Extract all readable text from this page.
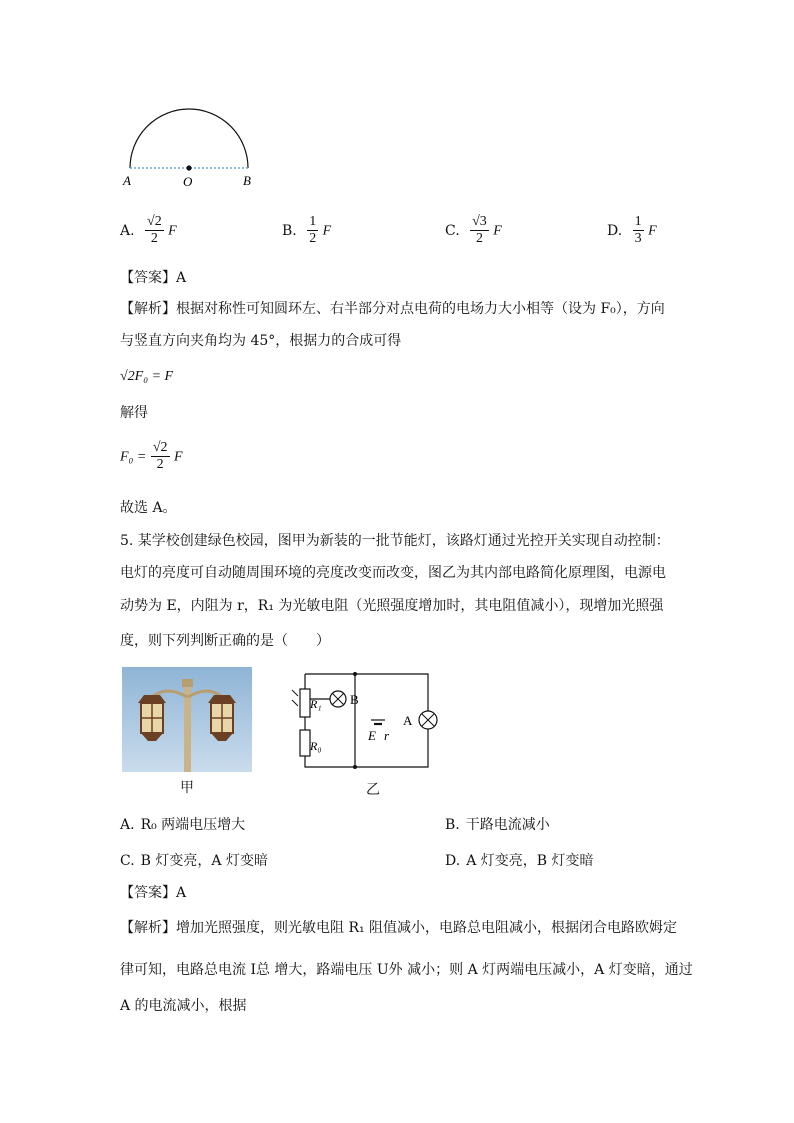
A	O	B
A. $\frac{√2}{2}$ F	B. $\frac{1}{2}$ F	C. $\frac{√3}{2}$ F	D. $\frac{1}{3}$ F
【答案】A
【解析】根据对称性可知圆环左、右半部分对点电荷的电场力大小相等（设为 F₀），方向
与竖直方向夹角均为 45°，根据力的合成可得
√2F₀ = F
解得
$F_0 = \frac{√2}{2}$ F
故选 A。
5. 某学校创建绿色校园，图甲为新装的一批节能灯，该路灯通过光控开关实现自动控制：
电灯的亮度可自动随周围环境的亮度改变而改变，图乙为其内部电路简化原理图，电源电
动势为 E，内阻为 r，R₁ 为光敏电阻（光照强度增加时，其电阻值减小），现增加光照强
度，则下列判断正确的是（　　）
甲
R₁ B
R₀
E r
A
乙
A. R₀ 两端电压增大	B. 干路电流减小
C. B 灯变亮，A 灯变暗	D. A 灯变亮，B 灯变暗
【答案】A
【解析】增加光照强度，则光敏电阻 R₁ 阻值减小，电路总电阻减小，根据闭合电路欧姆定
律可知，电路总电流 I总 增大，路端电压 U外 减小；则 A 灯两端电压减小，A 灯变暗，通过
A 的电流减小，根据
